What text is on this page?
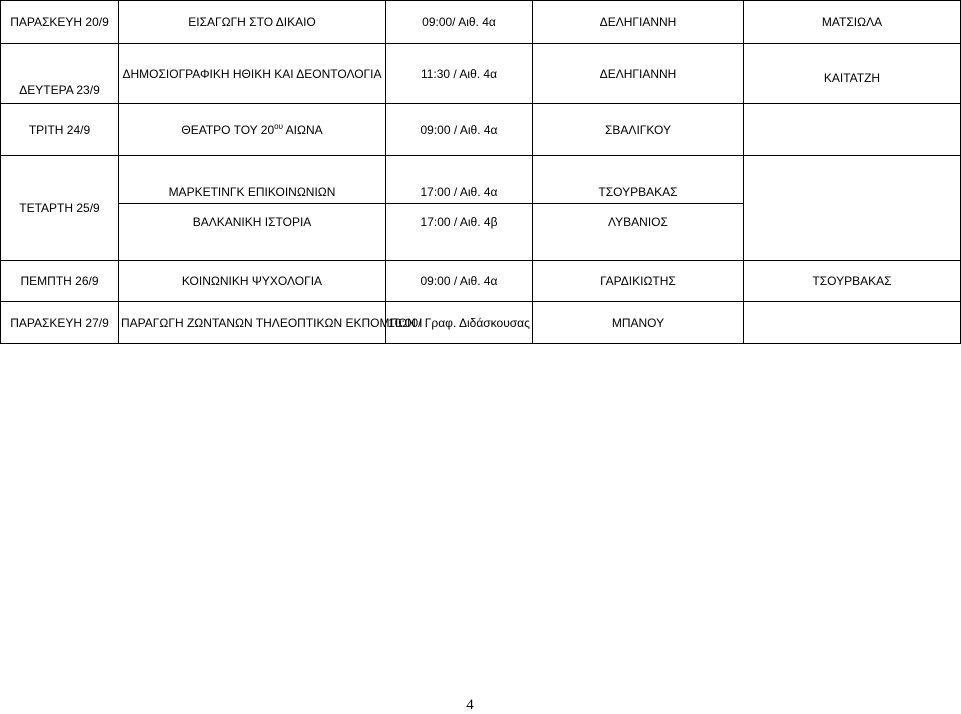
ΠΑΡΑΣΚΕΥΗ 20/9	ΕΙΣΑΓΩΓΗ ΣΤΟ ΔΙΚΑΙΟ	09:00/ Αιθ. 4α	ΔΕΛΗΓΙΑΝΝΗ	ΜΑΤΣΙΩΛΑ
ΔΕΥΤΕΡΑ 23/9	ΔΗΜΟΣΙΟΓΡΑΦΙΚΗ ΗΘΙΚΗ ΚΑΙ ΔΕΟΝΤΟΛΟΓΙΑ	11:30 / Αιθ. 4α	ΔΕΛΗΓΙΑΝΝΗ	ΚΑΙΤΑΤΖΗ
ΤΡΙΤΗ 24/9	ΘΕΑΤΡΟ ΤΟΥ $20^{o\upsilon}$ ΑΙΩΝΑ	09:00 / Αιθ. 4α	ΣΒΑΛΙΓΚΟΥ	
ΤΕΤΑΡΤΗ 25/9	ΜΑΡΚΕΤΙΝΓΚ ΕΠΙΚΟΙΝΩΝΙΩΝ	17:00 / Αιθ. 4α	ΤΣΟΥΡΒΑΚΑΣ	
	ΒΑΛΚΑΝΙΚΗ ΙΣΤΟΡΙΑ	17:00 / Αιθ. 4β	ΛΥΒΑΝΙΟΣ	
ΠΕΜΠΤΗ 26/9	ΚΟΙΝΩΝΙΚΗ ΨΥΧΟΛΟΓΙΑ	09:00 / Αιθ. 4α	ΓΑΡΔΙΚΙΩΤΗΣ	ΤΣΟΥΡΒΑΚΑΣ
ΠΑΡΑΣΚΕΥΗ 27/9	ΠΑΡΑΓΩΓΗ ΖΩΝΤΑΝΩΝ ΤΗΛΕΟΠΤΙΚΩΝ ΕΚΠΟΜΠΩΝ Ι	10:00/ Γραφ. Διδάσκουσας	ΜΠΑΝΟΥ	
4
